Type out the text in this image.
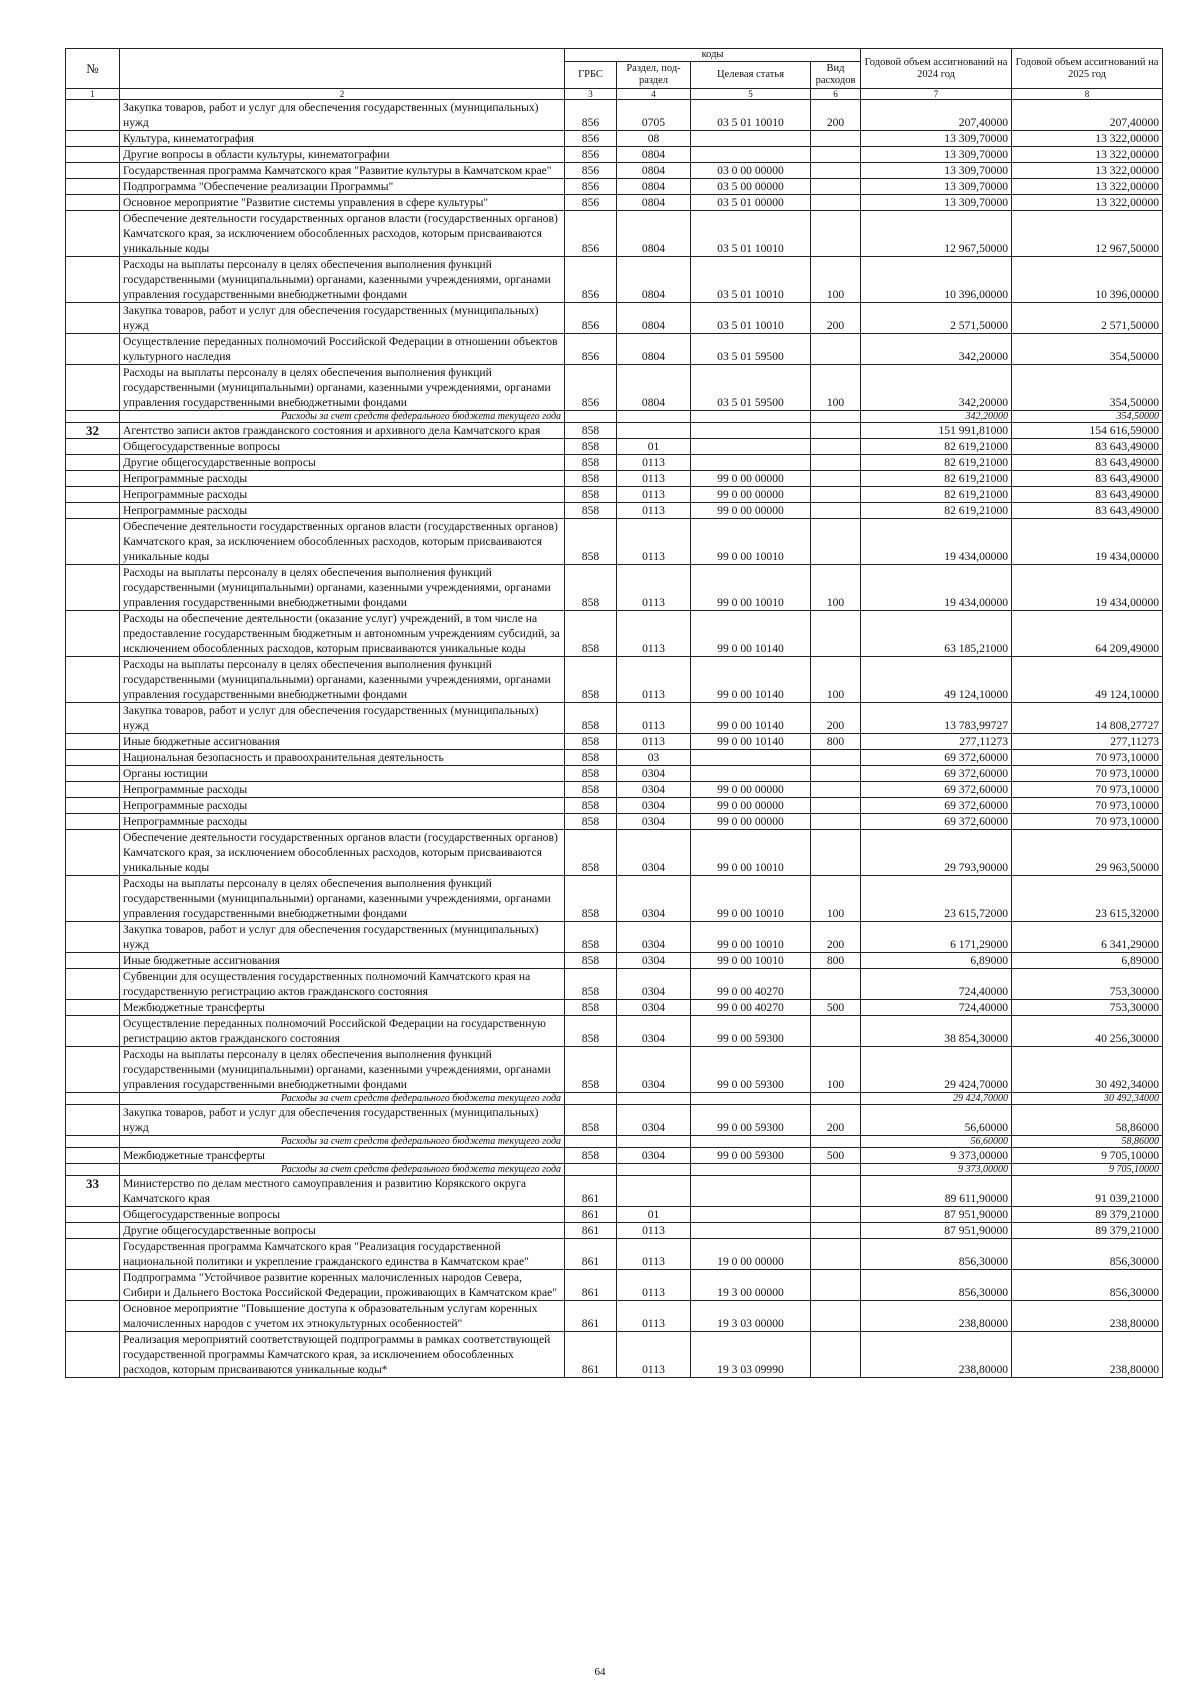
№		коды				Годовой объем ассигнований на 2024 год	Годовой объем ассигнований на 2025 год
		ГРБС	Раздел, под-раздел	Целевая статья	Вид расходов		
1	2	3	4	5	6	7	8
	Закупка товаров, работ и услуг для обеспечения государственных (муниципальных) нужд	856	0705	03 5 01 10010	200	207,40000	207,40000
	Культура, кинематография	856	08			13 309,70000	13 322,00000
	Другие вопросы в области культуры, кинематографии	856	0804			13 309,70000	13 322,00000
	Государственная программа Камчатского края "Развитие культуры в Камчатском крае"	856	0804	03 0 00 00000		13 309,70000	13 322,00000
	Подпрограмма "Обеспечение реализации Программы"	856	0804	03 5 00 00000		13 309,70000	13 322,00000
	Основное мероприятие "Развитие системы управления в сфере культуры"	856	0804	03 5 01 00000		13 309,70000	13 322,00000
	Обеспечение деятельности государственных органов власти (государственных органов) Камчатского края, за исключением обособленных расходов, которым присваиваются уникальные коды	856	0804	03 5 01 10010		12 967,50000	12 967,50000
	Расходы на выплаты персоналу в целях обеспечения выполнения функций государственными (муниципальными) органами, казенными учреждениями, органами управления государственными внебюджетными фондами	856	0804	03 5 01 10010	100	10 396,00000	10 396,00000
	Закупка товаров, работ и услуг для обеспечения государственных (муниципальных) нужд	856	0804	03 5 01 10010	200	2 571,50000	2 571,50000
	Осуществление переданных полномочий Российской Федерации в отношении объектов культурного наследия	856	0804	03 5 01 59500		342,20000	354,50000
	Расходы на выплаты персоналу в целях обеспечения выполнения функций государственными (муниципальными) органами, казенными учреждениями, органами управления государственными внебюджетными фондами	856	0804	03 5 01 59500	100	342,20000	354,50000
	Расходы за счет средств федерального бюджета текущего года					342,20000	354,50000
32	Агентство записи актов гражданского состояния и архивного дела Камчатского края	858				151 991,81000	154 616,59000
	Общегосударственные вопросы	858	01			82 619,21000	83 643,49000
	Другие общегосударственные вопросы	858	0113			82 619,21000	83 643,49000
	Непрограммные расходы	858	0113	99 0 00 00000		82 619,21000	83 643,49000
	Непрограммные расходы	858	0113	99 0 00 00000		82 619,21000	83 643,49000
	Непрограммные расходы	858	0113	99 0 00 00000		82 619,21000	83 643,49000
	Обеспечение деятельности государственных органов власти (государственных органов) Камчатского края, за исключением обособленных расходов, которым присваиваются уникальные коды	858	0113	99 0 00 10010		19 434,00000	19 434,00000
	Расходы на выплаты персоналу в целях обеспечения выполнения функций государственными (муниципальными) органами, казенными учреждениями, органами управления государственными внебюджетными фондами	858	0113	99 0 00 10010	100	19 434,00000	19 434,00000
	Расходы на обеспечение деятельности (оказание услуг) учреждений, в том числе на предоставление государственным бюджетным и автономным учреждениям субсидий, за исключением обособленных расходов, которым присваиваются уникальные коды	858	0113	99 0 00 10140		63 185,21000	64 209,49000
	Расходы на выплаты персоналу в целях обеспечения выполнения функций государственными (муниципальными) органами, казенными учреждениями, органами управления государственными внебюджетными фондами	858	0113	99 0 00 10140	100	49 124,10000	49 124,10000
	Закупка товаров, работ и услуг для обеспечения государственных (муниципальных) нужд	858	0113	99 0 00 10140	200	13 783,99727	14 808,27727
	Иные бюджетные ассигнования	858	0113	99 0 00 10140	800	277,11273	277,11273
	Национальная безопасность и правоохранительная деятельность	858	03			69 372,60000	70 973,10000
	Органы юстиции	858	0304			69 372,60000	70 973,10000
	Непрограммные расходы	858	0304	99 0 00 00000		69 372,60000	70 973,10000
	Непрограммные расходы	858	0304	99 0 00 00000		69 372,60000	70 973,10000
	Непрограммные расходы	858	0304	99 0 00 00000		69 372,60000	70 973,10000
	Обеспечение деятельности государственных органов власти (государственных органов) Камчатского края, за исключением обособленных расходов, которым присваиваются уникальные коды	858	0304	99 0 00 10010		29 793,90000	29 963,50000
	Расходы на выплаты персоналу в целях обеспечения выполнения функций государственными (муниципальными) органами, казенными учреждениями, органами управления государственными внебюджетными фондами	858	0304	99 0 00 10010	100	23 615,72000	23 615,32000
	Закупка товаров, работ и услуг для обеспечения государственных (муниципальных) нужд	858	0304	99 0 00 10010	200	6 171,29000	6 341,29000
	Иные бюджетные ассигнования	858	0304	99 0 00 10010	800	6,89000	6,89000
	Субвенции для осуществления государственных полномочий Камчатского края на государственную регистрацию актов гражданского состояния	858	0304	99 0 00 40270		724,40000	753,30000
	Межбюджетные трансферты	858	0304	99 0 00 40270	500	724,40000	753,30000
	Осуществление переданных полномочий Российской Федерации на государственную регистрацию актов гражданского состояния	858	0304	99 0 00 59300		38 854,30000	40 256,30000
	Расходы на выплаты персоналу в целях обеспечения выполнения функций государственными (муниципальными) органами, казенными учреждениями, органами управления государственными внебюджетными фондами	858	0304	99 0 00 59300	100	29 424,70000	30 492,34000
	Расходы за счет средств федерального бюджета текущего года					29 424,70000	30 492,34000
	Закупка товаров, работ и услуг для обеспечения государственных (муниципальных) нужд	858	0304	99 0 00 59300	200	56,60000	58,86000
	Расходы за счет средств федерального бюджета текущего года					56,60000	58,86000
	Межбюджетные трансферты	858	0304	99 0 00 59300	500	9 373,00000	9 705,10000
	Расходы за счет средств федерального бюджета текущего года					9 373,00000	9 705,10000
33	Министерство по делам местного самоуправления и развитию Корякского округа Камчатского края	861				89 611,90000	91 039,21000
	Общегосударственные вопросы	861	01			87 951,90000	89 379,21000
	Другие общегосударственные вопросы	861	0113			87 951,90000	89 379,21000
	Государственная программа Камчатского края "Реализация государственной национальной политики и укрепление гражданского единства в Камчатском крае"	861	0113	19 0 00 00000		856,30000	856,30000
	Подпрограмма "Устойчивое развитие коренных малочисленных народов Севера, Сибири и Дальнего Востока Российской Федерации, проживающих в Камчатском крае"	861	0113	19 3 00 00000		856,30000	856,30000
	Основное мероприятие "Повышение доступа к образовательным услугам коренных малочисленных народов с учетом их этнокультурных особенностей"	861	0113	19 3 03 00000		238,80000	238,80000
	Реализация мероприятий соответствующей подпрограммы в рамках соответствующей государственной программы Камчатского края, за исключением обособленных расходов, которым присваиваются уникальные коды*	861	0113	19 3 03 09990		238,80000	238,80000
64
